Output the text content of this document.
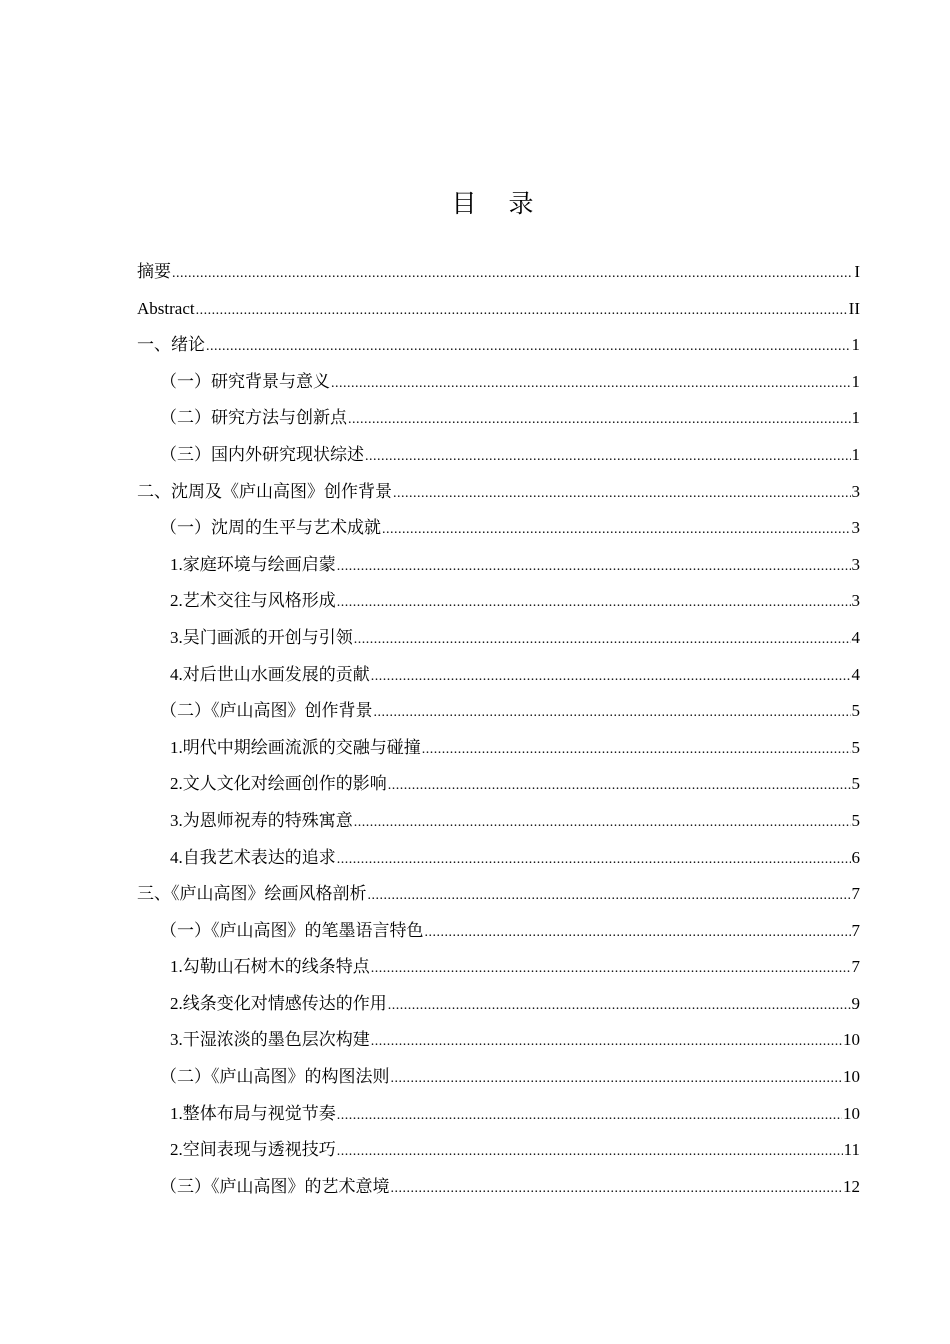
目 录
摘要 .....	I
Abstract .....	II
一、绪论 .....	1
（一）研究背景与意义 .....	1
（二）研究方法与创新点 .....	1
（三）国内外研究现状综述 .....	1
二、沈周及《庐山高图》创作背景 .....	3
（一）沈周的生平与艺术成就 .....	3
1.家庭环境与绘画启蒙 .....	3
2.艺术交往与风格形成 .....	3
3.吴门画派的开创与引领 .....	4
4.对后世山水画发展的贡献 .....	4
（二）《庐山高图》创作背景 .....	5
1.明代中期绘画流派的交融与碰撞 .....	5
2.文人文化对绘画创作的影响 .....	5
3.为恩师祝寿的特殊寓意 .....	5
4.自我艺术表达的追求 .....	6
三、《庐山高图》绘画风格剖析 .....	7
（一）《庐山高图》的笔墨语言特色 .....	7
1.勾勒山石树木的线条特点 .....	7
2.线条变化对情感传达的作用 .....	9
3.干湿浓淡的墨色层次构建 .....	10
（二）《庐山高图》的构图法则 .....	10
1.整体布局与视觉节奏 .....	10
2.空间表现与透视技巧 .....	11
（三）《庐山高图》的艺术意境 .....	12
